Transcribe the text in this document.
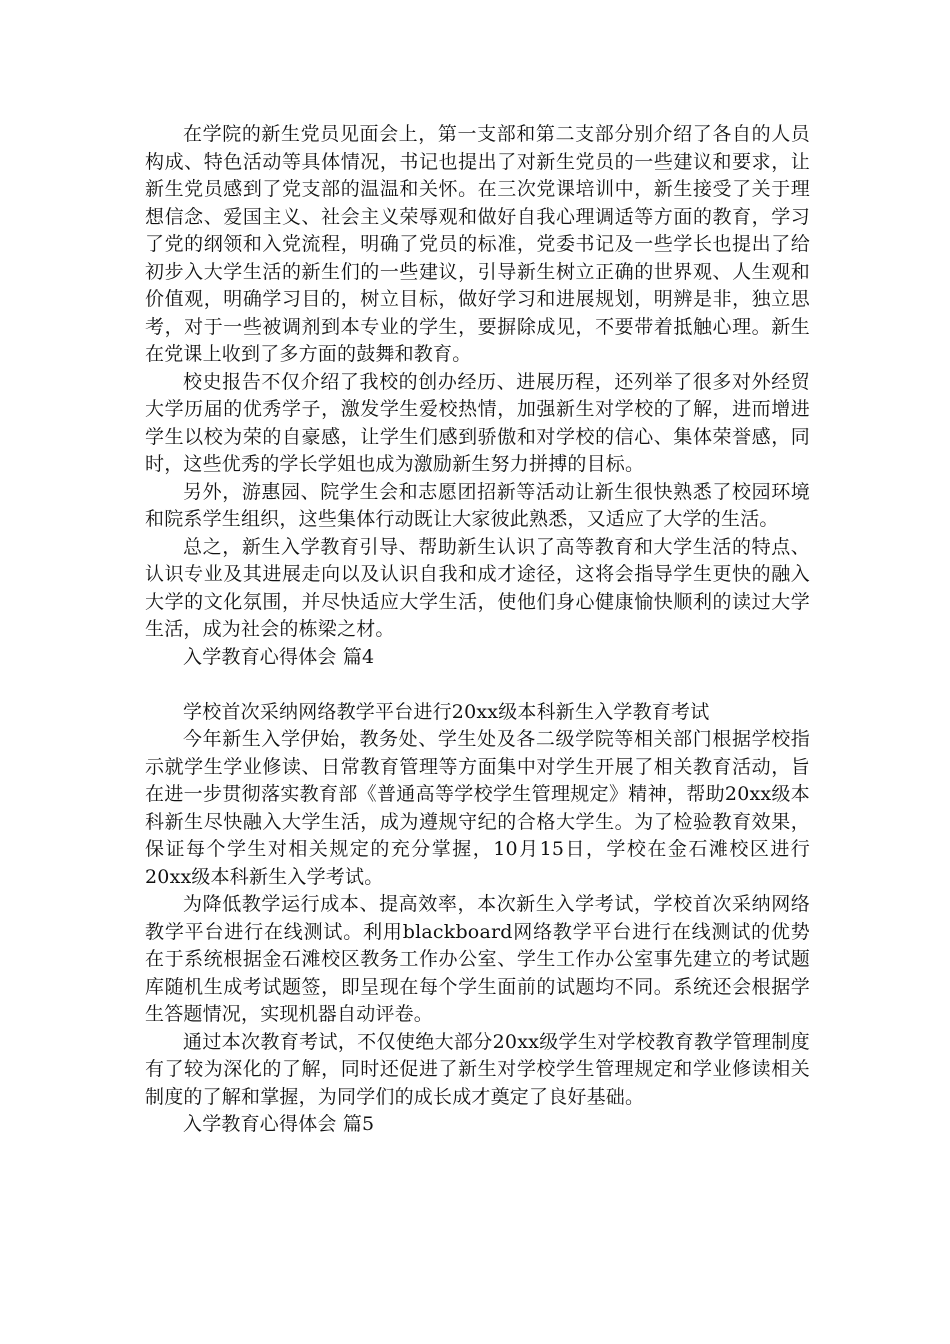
在学院的新生党员见面会上，第一支部和第二支部分别介绍了各自的人员构成、特色活动等具体情况，书记也提出了对新生党员的一些建议和要求，让新生党员感到了党支部的温温和关怀。在三次党课培训中，新生接受了关于理想信念、爱国主义、社会主义荣辱观和做好自我心理调适等方面的教育，学习了党的纲领和入党流程，明确了党员的标准，党委书记及一些学长也提出了给初步入大学生活的新生们的一些建议，引导新生树立正确的世界观、人生观和价值观，明确学习目的，树立目标，做好学习和进展规划，明辨是非，独立思考，对于一些被调剂到本专业的学生，要摒除成见，不要带着抵触心理。新生在党课上收到了多方面的鼓舞和教育。

校史报告不仅介绍了我校的创办经历、进展历程，还列举了很多对外经贸大学历届的优秀学子，激发学生爱校热情，加强新生对学校的了解，进而增进学生以校为荣的自豪感，让学生们感到骄傲和对学校的信心、集体荣誉感，同时，这些优秀的学长学姐也成为激励新生努力拼搏的目标。

另外，游惠园、院学生会和志愿团招新等活动让新生很快熟悉了校园环境和院系学生组织，这些集体行动既让大家彼此熟悉，又适应了大学的生活。

总之，新生入学教育引导、帮助新生认识了高等教育和大学生活的特点、认识专业及其进展走向以及认识自我和成才途径，这将会指导学生更快的融入大学的文化氛围，并尽快适应大学生活，使他们身心健康愉快顺利的读过大学生活，成为社会的栋梁之材。

入学教育心得体会 篇4

学校首次采纳网络教学平台进行20xx级本科新生入学教育考试

今年新生入学伊始，教务处、学生处及各二级学院等相关部门根据学校指示就学生学业修读、日常教育管理等方面集中对学生开展了相关教育活动，旨在进一步贯彻落实教育部《普通高等学校学生管理规定》精神，帮助20xx级本科新生尽快融入大学生活，成为遵规守纪的合格大学生。为了检验教育效果，保证每个学生对相关规定的充分掌握，10月15日，学校在金石滩校区进行20xx级本科新生入学考试。

为降低教学运行成本、提高效率，本次新生入学考试，学校首次采纳网络教学平台进行在线测试。利用blackboard网络教学平台进行在线测试的优势在于系统根据金石滩校区教务工作办公室、学生工作办公室事先建立的考试题库随机生成考试题签，即呈现在每个学生面前的试题均不同。系统还会根据学生答题情况，实现机器自动评卷。

通过本次教育考试，不仅使绝大部分20xx级学生对学校教育教学管理制度有了较为深化的了解，同时还促进了新生对学校学生管理规定和学业修读相关制度的了解和掌握，为同学们的成长成才奠定了良好基础。

入学教育心得体会 篇5
